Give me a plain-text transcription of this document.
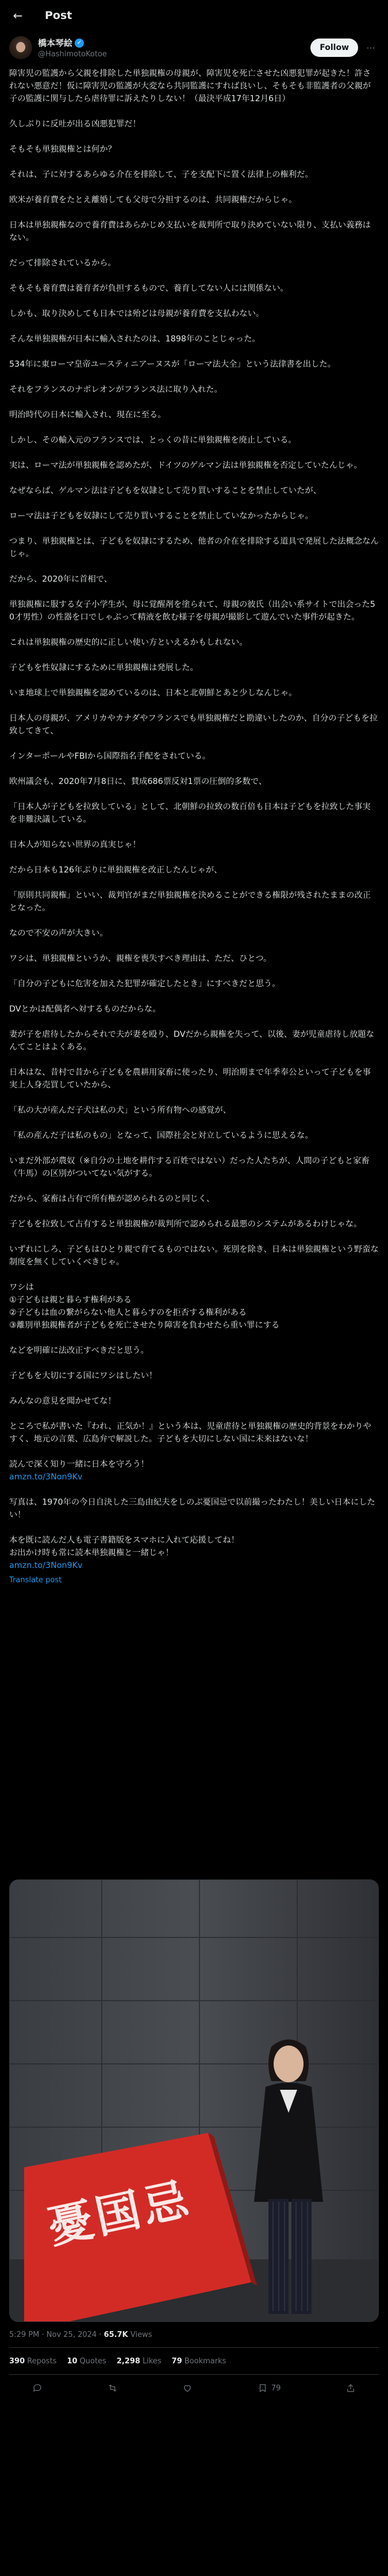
←	Post
橋本琴絵 ✓
@HashimotoKotoe
Follow	···

障害児の監護から父親を排除した単独親権の母親が、障害児を死亡させた凶悪犯罪が起きた！許されない悪意だ！仮に障害児の監護が大変なら共同監護にすれば良いし、そもそも非監護者の父親が子の監護に関与したら虐待罪に訴えたりしない！（最決平成17年12月6日）

久しぶりに反吐が出る凶悪犯罪だ！

そもそも単独親権とは何か？

それは、子に対するあらゆる介在を排除して、子を支配下に置く法律上の権利だ。

欧米が養育費をたとえ離婚しても父母で分担するのは、共同親権だからじゃ。

日本は単独親権なので養育費はあらかじめ支払いを裁判所で取り決めていない限り、支払い義務はない。

だって排除されているから。

そもそも養育費は養育者が負担するもので、養育してない人には関係ない。

しかも、取り決めしても日本では殆どは母親が養育費を支払わない。

そんな単独親権が日本に輸入されたのは、1898年のことじゃった。

534年に東ローマ皇帝ユースティニアーヌスが「ローマ法大全」という法律書を出した。

それをフランスのナポレオンがフランス法に取り入れた。

明治時代の日本に輸入され、現在に至る。

しかし、その輸入元のフランスでは、とっくの昔に単独親権を廃止している。

実は、ローマ法が単独親権を認めたが、ドイツのゲルマン法は単独親権を否定していたんじゃ。

なぜならば、ゲルマン法は子どもを奴隷として売り買いすることを禁止していたが、

ローマ法は子どもを奴隷にして売り買いすることを禁止していなかったからじゃ。

つまり、単独親権とは、子どもを奴隷にするため、他者の介在を排除する道具で発展した法概念なんじゃ。

だから、2020年に首相で、

単独親権に服する女子小学生が、母に覚醒剤を塗られて、母親の彼氏（出会い系サイトで出会った50才男性）の性器を口でしゃぶって精液を飲む様子を母親が撮影して遊んでいた事件が起きた。

これは単独親権の歴史的に正しい使い方といえるかもしれない。

子どもを性奴隷にするために単独親権は発展した。

いま地球上で単独親権を認めているのは、日本と北朝鮮とあと少しなんじゃ。

日本人の母親が、アメリカやカナダやフランスでも単独親権だと勘違いしたのか、自分の子どもを拉致してきて、

インターポールやFBIから国際指名手配をされている。

欧州議会も、2020年7月8日に、賛成686票反対1票の圧倒的多数で、

「日本人が子どもを拉致している」として、北朝鮮の拉致の数百倍も日本は子どもを拉致した事実を非難決議している。

日本人が知らない世界の真実じゃ！

だから日本も126年ぶりに単独親権を改正したんじゃが、

「原則共同親権」といい、裁判官がまだ単独親権を決めることができる権限が残されたままの改正となった。

なので不安の声が大きい。

ワシは、単独親権というか、親権を喪失すべき理由は、ただ、ひとつ。

「自分の子どもに危害を加えた犯罪が確定したとき」にすべきだと思う。

DVとかは配偶者へ対するものだからな。

妻が子を虐待したからそれで夫が妻を殴り、DVだから親権を失って、以後、妻が児童虐待し放題なんてことはよくある。

日本はな、昔村で昔から子どもを農耕用家畜に使ったり、明治期まで年季奉公といって子どもを事実上人身売買していたから、

「私の大が産んだ子犬は私の犬」という所有物への感覚が、

「私の産んだ子は私のもの」となって、国際社会と対立しているように思えるな。

いまだ外部が農奴（※自分の土地を耕作する百姓ではない）だった人たちが、人間の子どもと家畜（牛馬）の区別がついてない気がする。

だから、家畜は占有で所有権が認められるのと同じく、

子どもを拉致して占有すると単独親権が裁判所で認められる最悪のシステムがあるわけじゃな。

いずれにしろ、子どもはひとり親で育てるものではない。死別を除き、日本は単独親権という野蛮な制度を無くしていくべきじゃ。

ワシは
①子どもは親と暮らす権利がある
②子どもは血の繋がらない他人と暮らすのを拒否する権利がある
③離別単独親権者が子どもを死亡させたり障害を負わせたら重い罪にする

などを明確に法改正すべきだと思う。

子どもを大切にする国にワシはしたい！

みんなの意見を聞かせてな！

ところで私が書いた『われ、正気か！』という本は、児童虐待と単独親権の歴史的背景をわかりやすく、地元の言葉、広島弁で解説した。子どもを大切にしない国に未来はないな！

読んで深く知り一緒に日本を守ろう！

amzn.to/3Non9Kv

写真は、1970年の今日自決した三島由紀夫をしのぶ憂国忌で以前撮ったわたし！美しい日本にしたい！

本を既に読んだ人も電子書籍版をスマホに入れて応援してね！
お出かけ時も常に読本単独親権と一緒じゃ！

amzn.to/3Non9Kv

Translate post
憂国忌
5:29 PM · Nov 25, 2024 · 65.7K Views
390 Reposts 10 Quotes 2,298 Likes 79 Bookmarks
79
